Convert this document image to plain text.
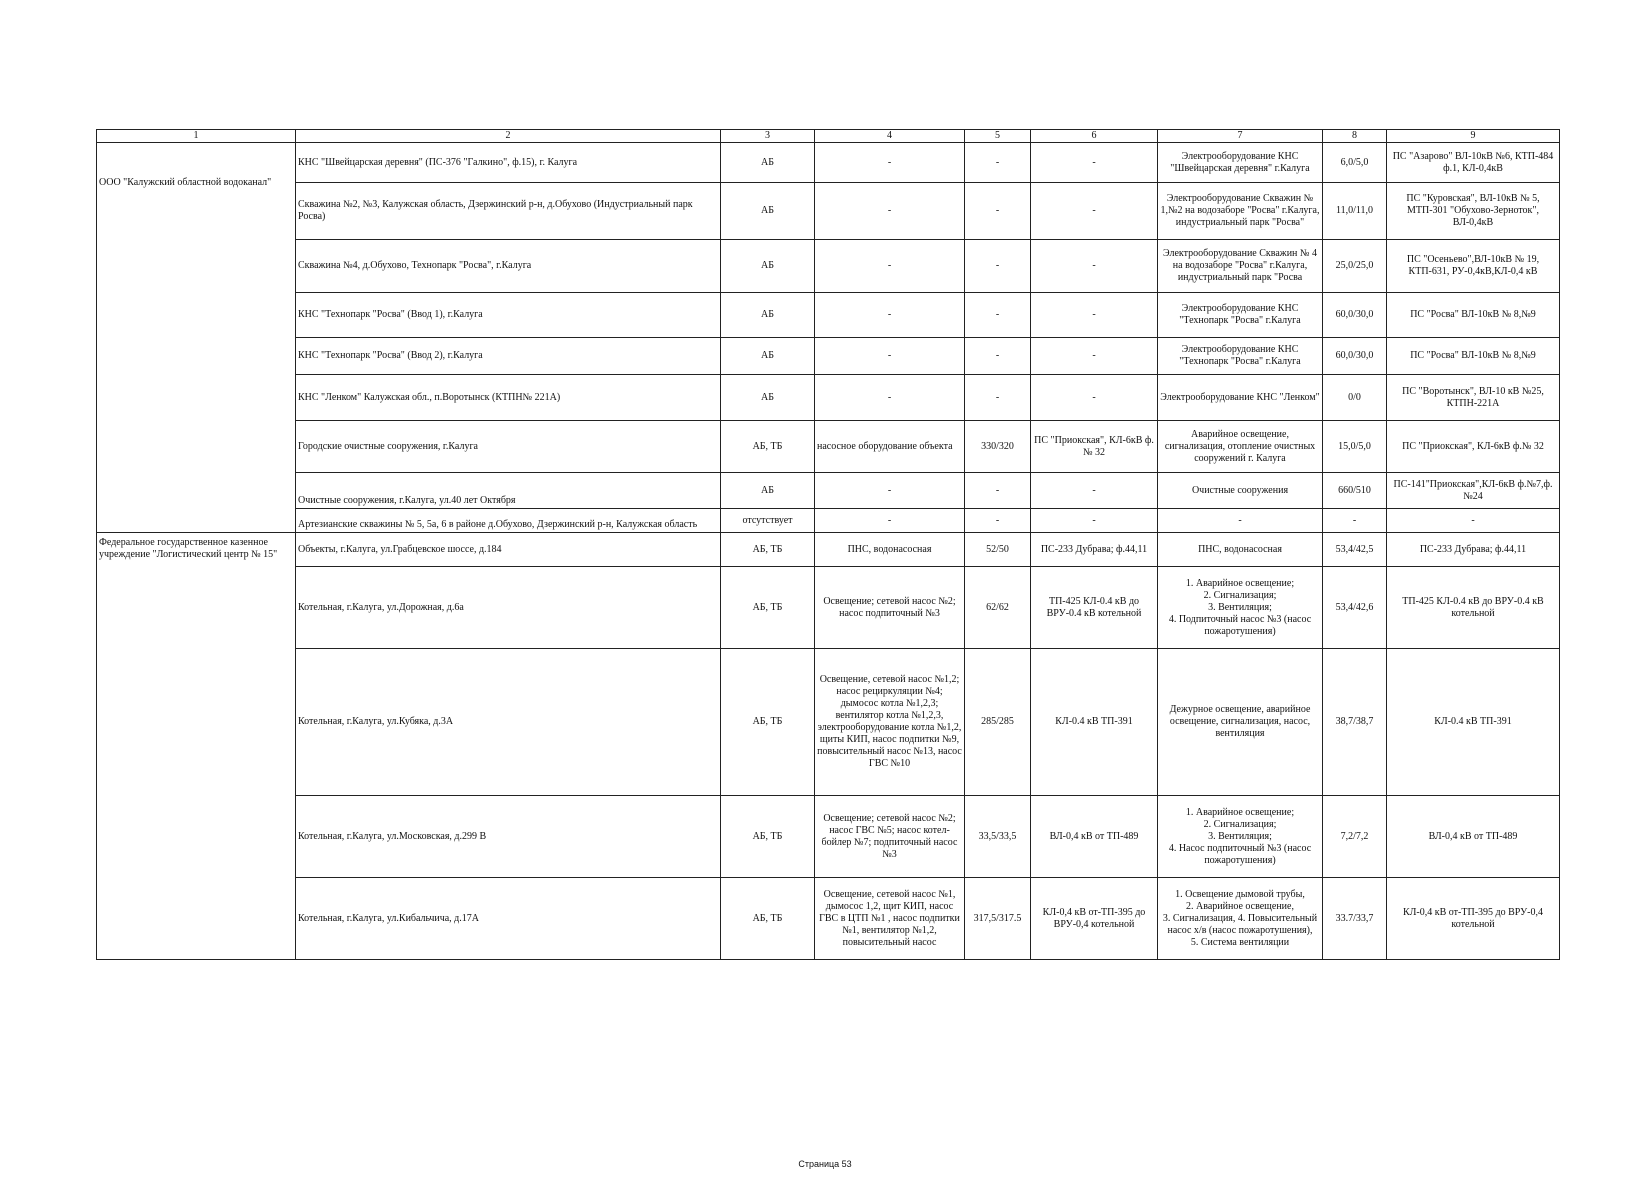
1	2	3	4	5	6	7	8	9
ООО "Калужский областной водоканал"	КНС "Швейцарская деревня" (ПС-376 "Галкино", ф.15), г. Калуга	АБ	-	-	-	Электрооборудование КНС "Швейцарская деревня" г.Калуга	6,0/5,0	ПС "Азарово" ВЛ-10кВ №6, КТП-484 ф.1, КЛ-0,4кВ
	Скважина №2, №3, Калужская область, Дзержинский р-н, д.Обухово (Индустриальный парк Росва)	АБ	-	-	-	Электрооборудование Скважин № 1,№2 на водозаборе "Росва" г.Калуга, индустриальный парк "Росва"	11,0/11,0	ПС "Куровская", ВЛ-10кВ № 5, МТП-301 "Обухово-Зерноток", ВЛ-0,4кВ
	Скважина №4, д.Обухово, Технопарк "Росва", г.Калуга	АБ	-	-	-	Электрооборудование Скважин № 4 на водозаборе "Росва" г.Калуга, индустриальный парк "Росва	25,0/25,0	ПС "Осеньево",ВЛ-10кВ № 19, КТП-631, РУ-0,4кВ,КЛ-0,4 кВ
	КНС "Технопарк "Росва" (Ввод 1), г.Калуга	АБ	-	-	-	Электрооборудование КНС "Технопарк "Росва" г.Калуга	60,0/30,0	ПС "Росва" ВЛ-10кВ № 8,№9
	КНС "Технопарк "Росва" (Ввод 2), г.Калуга	АБ	-	-	-	Электрооборудование КНС "Технопарк "Росва" г.Калуга	60,0/30,0	ПС "Росва" ВЛ-10кВ № 8,№9
	КНС "Ленком" Калужская обл., п.Воротынск (КТПН№ 221А)	АБ	-	-	-	Электрооборудование КНС "Ленком"	0/0	ПС "Воротынск", ВЛ-10 кВ №25, КТПН-221А
	Городские очистные сооружения, г.Калуга	АБ, ТБ	насосное оборудование объекта	330/320	ПС "Приокская", КЛ-6кВ ф.№ 32	Аварийное освещение, сигнализация, отопление очистных сооружений г. Калуга	15,0/5,0	ПС "Приокская", КЛ-6кВ ф.№ 32
	Очистные сооружения, г.Калуга, ул.40 лет Октября	АБ	-	-	-	Очистные сооружения	660/510	ПС-141"Приокская",КЛ-6кВ ф.№7,ф.№24
	Артезианские скважины № 5, 5а, 6 в районе д.Обухово, Дзержинский р-н, Калужская область	отсутствует	-	-	-	-	-	-
Федеральное государственное казенное учреждение "Логистический центр № 15"	Объекты, г.Калуга, ул.Грабцевское шоссе, д.184	АБ, ТБ	ПНС, водонасосная	52/50	ПС-233 Дубрава; ф.44,11	ПНС, водонасосная	53,4/42,5	ПС-233 Дубрава; ф.44,11
	Котельная, г.Калуга, ул.Дорожная, д.6а	АБ, ТБ	Освещение; сетевой насос №2; насос подпиточный №3	62/62	ТП-425 КЛ-0.4 кВ до ВРУ-0.4 кВ котельной	1. Аварийное освещение;
2. Сигнализация;
3. Вентиляция;
4. Подпиточный насос №3 (насос пожаротушения)	53,4/42,6	ТП-425 КЛ-0.4 кВ до ВРУ-0.4 кВ котельной
	Котельная, г.Калуга, ул.Кубяка, д.3А	АБ, ТБ	Освещение, сетевой насос №1,2; насос рециркуляции №4; дымосос котла №1,2,3; вентилятор котла №1,2,3, электрооборудование котла №1,2, щиты КИП, насос подпитки №9, повысительный насос №13, насос ГВС №10	285/285	КЛ-0.4 кВ ТП-391	Дежурное освещение, аварийное освещение, сигнализация, насос, вентиляция	38,7/38,7	КЛ-0.4 кВ ТП-391
	Котельная, г.Калуга, ул.Московская, д.299 В	АБ, ТБ	Освещение; сетевой насос №2; насос ГВС №5; насос котел-бойлер №7; подпиточный насос №3	33,5/33,5	ВЛ-0,4 кВ от ТП-489	1. Аварийное освещение;
2. Сигнализация;
3. Вентиляция;
4. Насос подпиточный №3 (насос пожаротушения)	7,2/7,2	ВЛ-0,4 кВ от ТП-489
	Котельная, г.Калуга, ул.Кибальчича, д.17А	АБ, ТБ	Освещение, сетевой насос №1, дымосос 1,2, щит КИП, насос ГВС в ЦТП №1 , насос подпитки №1, вентилятор №1,2, повысительный насос	317,5/317.5	КЛ-0,4 кВ от-ТП-395 до ВРУ-0,4 котельной	1. Освещение дымовой трубы,
2. Аварийное освещение,
3. Сигнализация, 4. Повысительный насос х/в (насос пожаротушения),
5. Система вентиляции	33.7/33,7	КЛ-0,4 кВ от-ТП-395 до ВРУ-0,4 котельной
Страница 53
